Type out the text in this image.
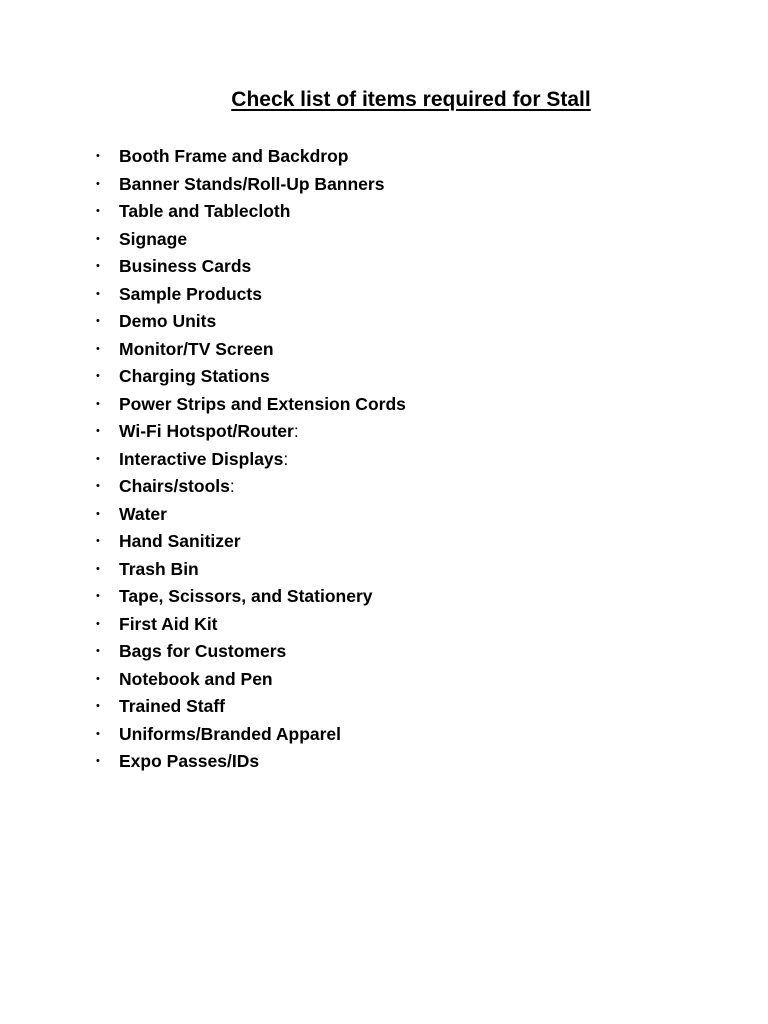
Check list of items required for Stall
•	Booth Frame and Backdrop
•	Banner Stands/Roll-Up Banners
•	Table and Tablecloth
•	Signage
•	Business Cards
•	Sample Products
•	Demo Units
•	Monitor/TV Screen
•	Charging Stations
•	Power Strips and Extension Cords
•	Wi-Fi Hotspot/Router:
•	Interactive Displays:
•	Chairs/stools:
•	Water
•	Hand Sanitizer
•	Trash Bin
•	Tape, Scissors, and Stationery
•	First Aid Kit
•	Bags for Customers
•	Notebook and Pen
•	Trained Staff
•	Uniforms/Branded Apparel
•	Expo Passes/IDs
